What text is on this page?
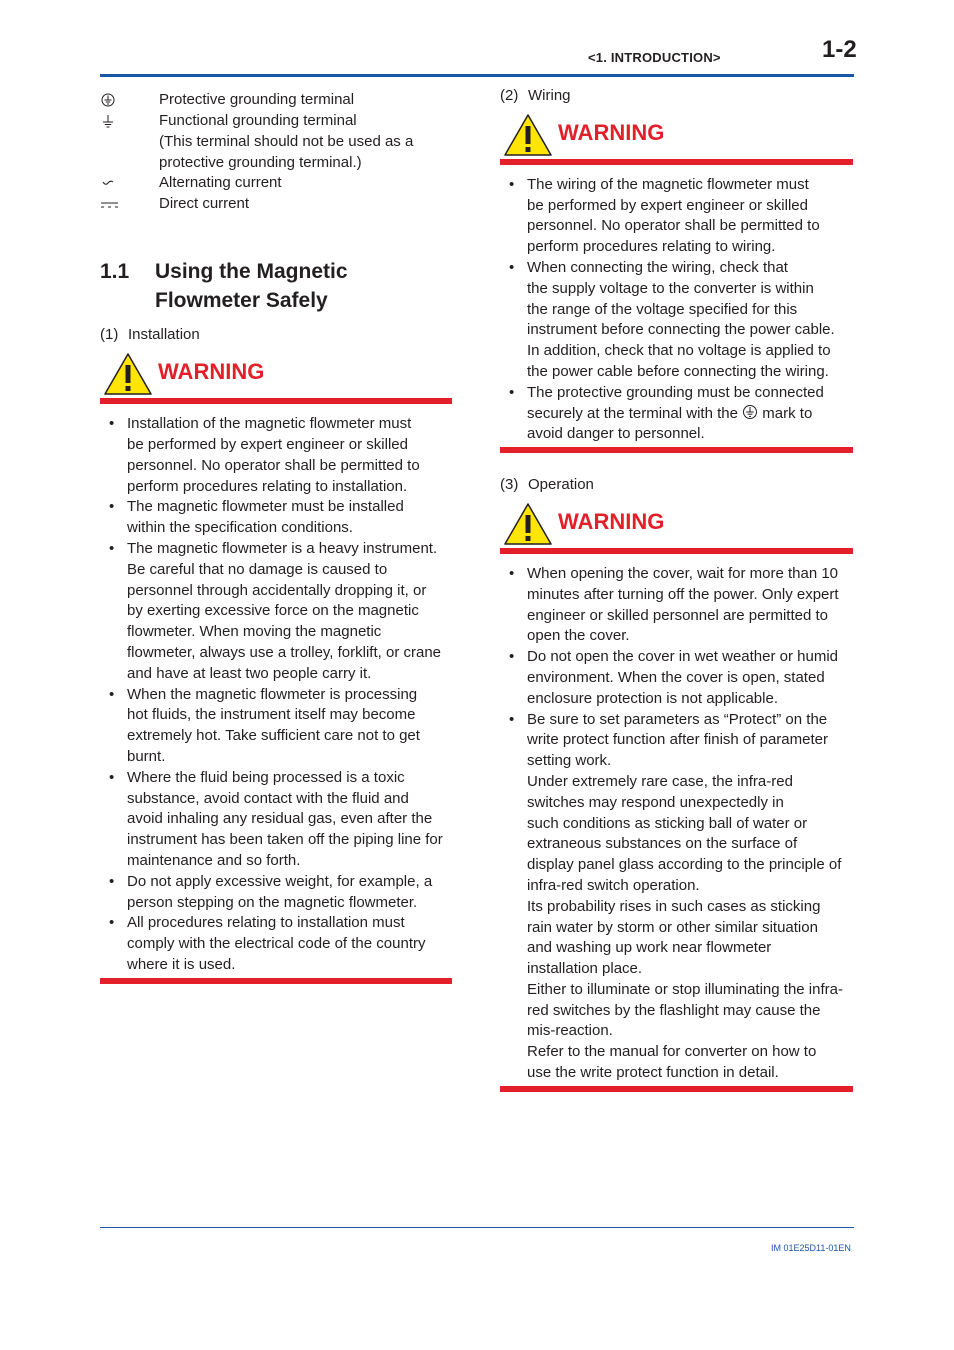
<1. INTRODUCTION>	1-2
Protective grounding terminal
Functional grounding terminal
(This terminal should not be used as a
protective grounding terminal.)
Alternating current
Direct current
1.1 Using the Magnetic
Flowmeter Safely
(1) Installation
WARNING
• Installation of the magnetic flowmeter must
be performed by expert engineer or skilled
personnel. No operator shall be permitted to
perform procedures relating to installation.
• The magnetic flowmeter must be installed
within the specification conditions.
• The magnetic flowmeter is a heavy instrument.
Be careful that no damage is caused to
personnel through accidentally dropping it, or
by exerting excessive force on the magnetic
flowmeter. When moving the magnetic
flowmeter, always use a trolley, forklift, or crane
and have at least two people carry it.
• When the magnetic flowmeter is processing
hot fluids, the instrument itself may become
extremely hot. Take sufficient care not to get
burnt.
• Where the fluid being processed is a toxic
substance, avoid contact with the fluid and
avoid inhaling any residual gas, even after the
instrument has been taken off the piping line for
maintenance and so forth.
• Do not apply excessive weight, for example, a
person stepping on the magnetic flowmeter.
• All procedures relating to installation must
comply with the electrical code of the country
where it is used.
(2) Wiring
WARNING
• The wiring of the magnetic flowmeter must
be performed by expert engineer or skilled
personnel. No operator shall be permitted to
perform procedures relating to wiring.
• When connecting the wiring, check that
the supply voltage to the converter is within
the range of the voltage specified for this
instrument before connecting the power cable.
In addition, check that no voltage is applied to
the power cable before connecting the wiring.
• The protective grounding must be connected
securely at the terminal with the  mark to
avoid danger to personnel.
(3) Operation
WARNING
• When opening the cover, wait for more than 10
minutes after turning off the power. Only expert
engineer or skilled personnel are permitted to
open the cover.
• Do not open the cover in wet weather or humid
environment. When the cover is open, stated
enclosure protection is not applicable.

• Be sure to set parameters as “Protect” on the
write protect function after finish of parameter
setting work.

Under extremely rare case, the infra-red
switches may respond unexpectedly in
such conditions as sticking ball of water or
extraneous substances on the surface of
display panel glass according to the principle of
infra-red switch operation.

Its probability rises in such cases as sticking
rain water by storm or other similar situation
and washing up work near flowmeter
installation place.

Either to illuminate or stop illuminating the infra-
red switches by the flashlight may cause the
mis-reaction.

Refer to the manual for converter on how to
use the write protect function in detail.

IM 01E25D11-01EN
